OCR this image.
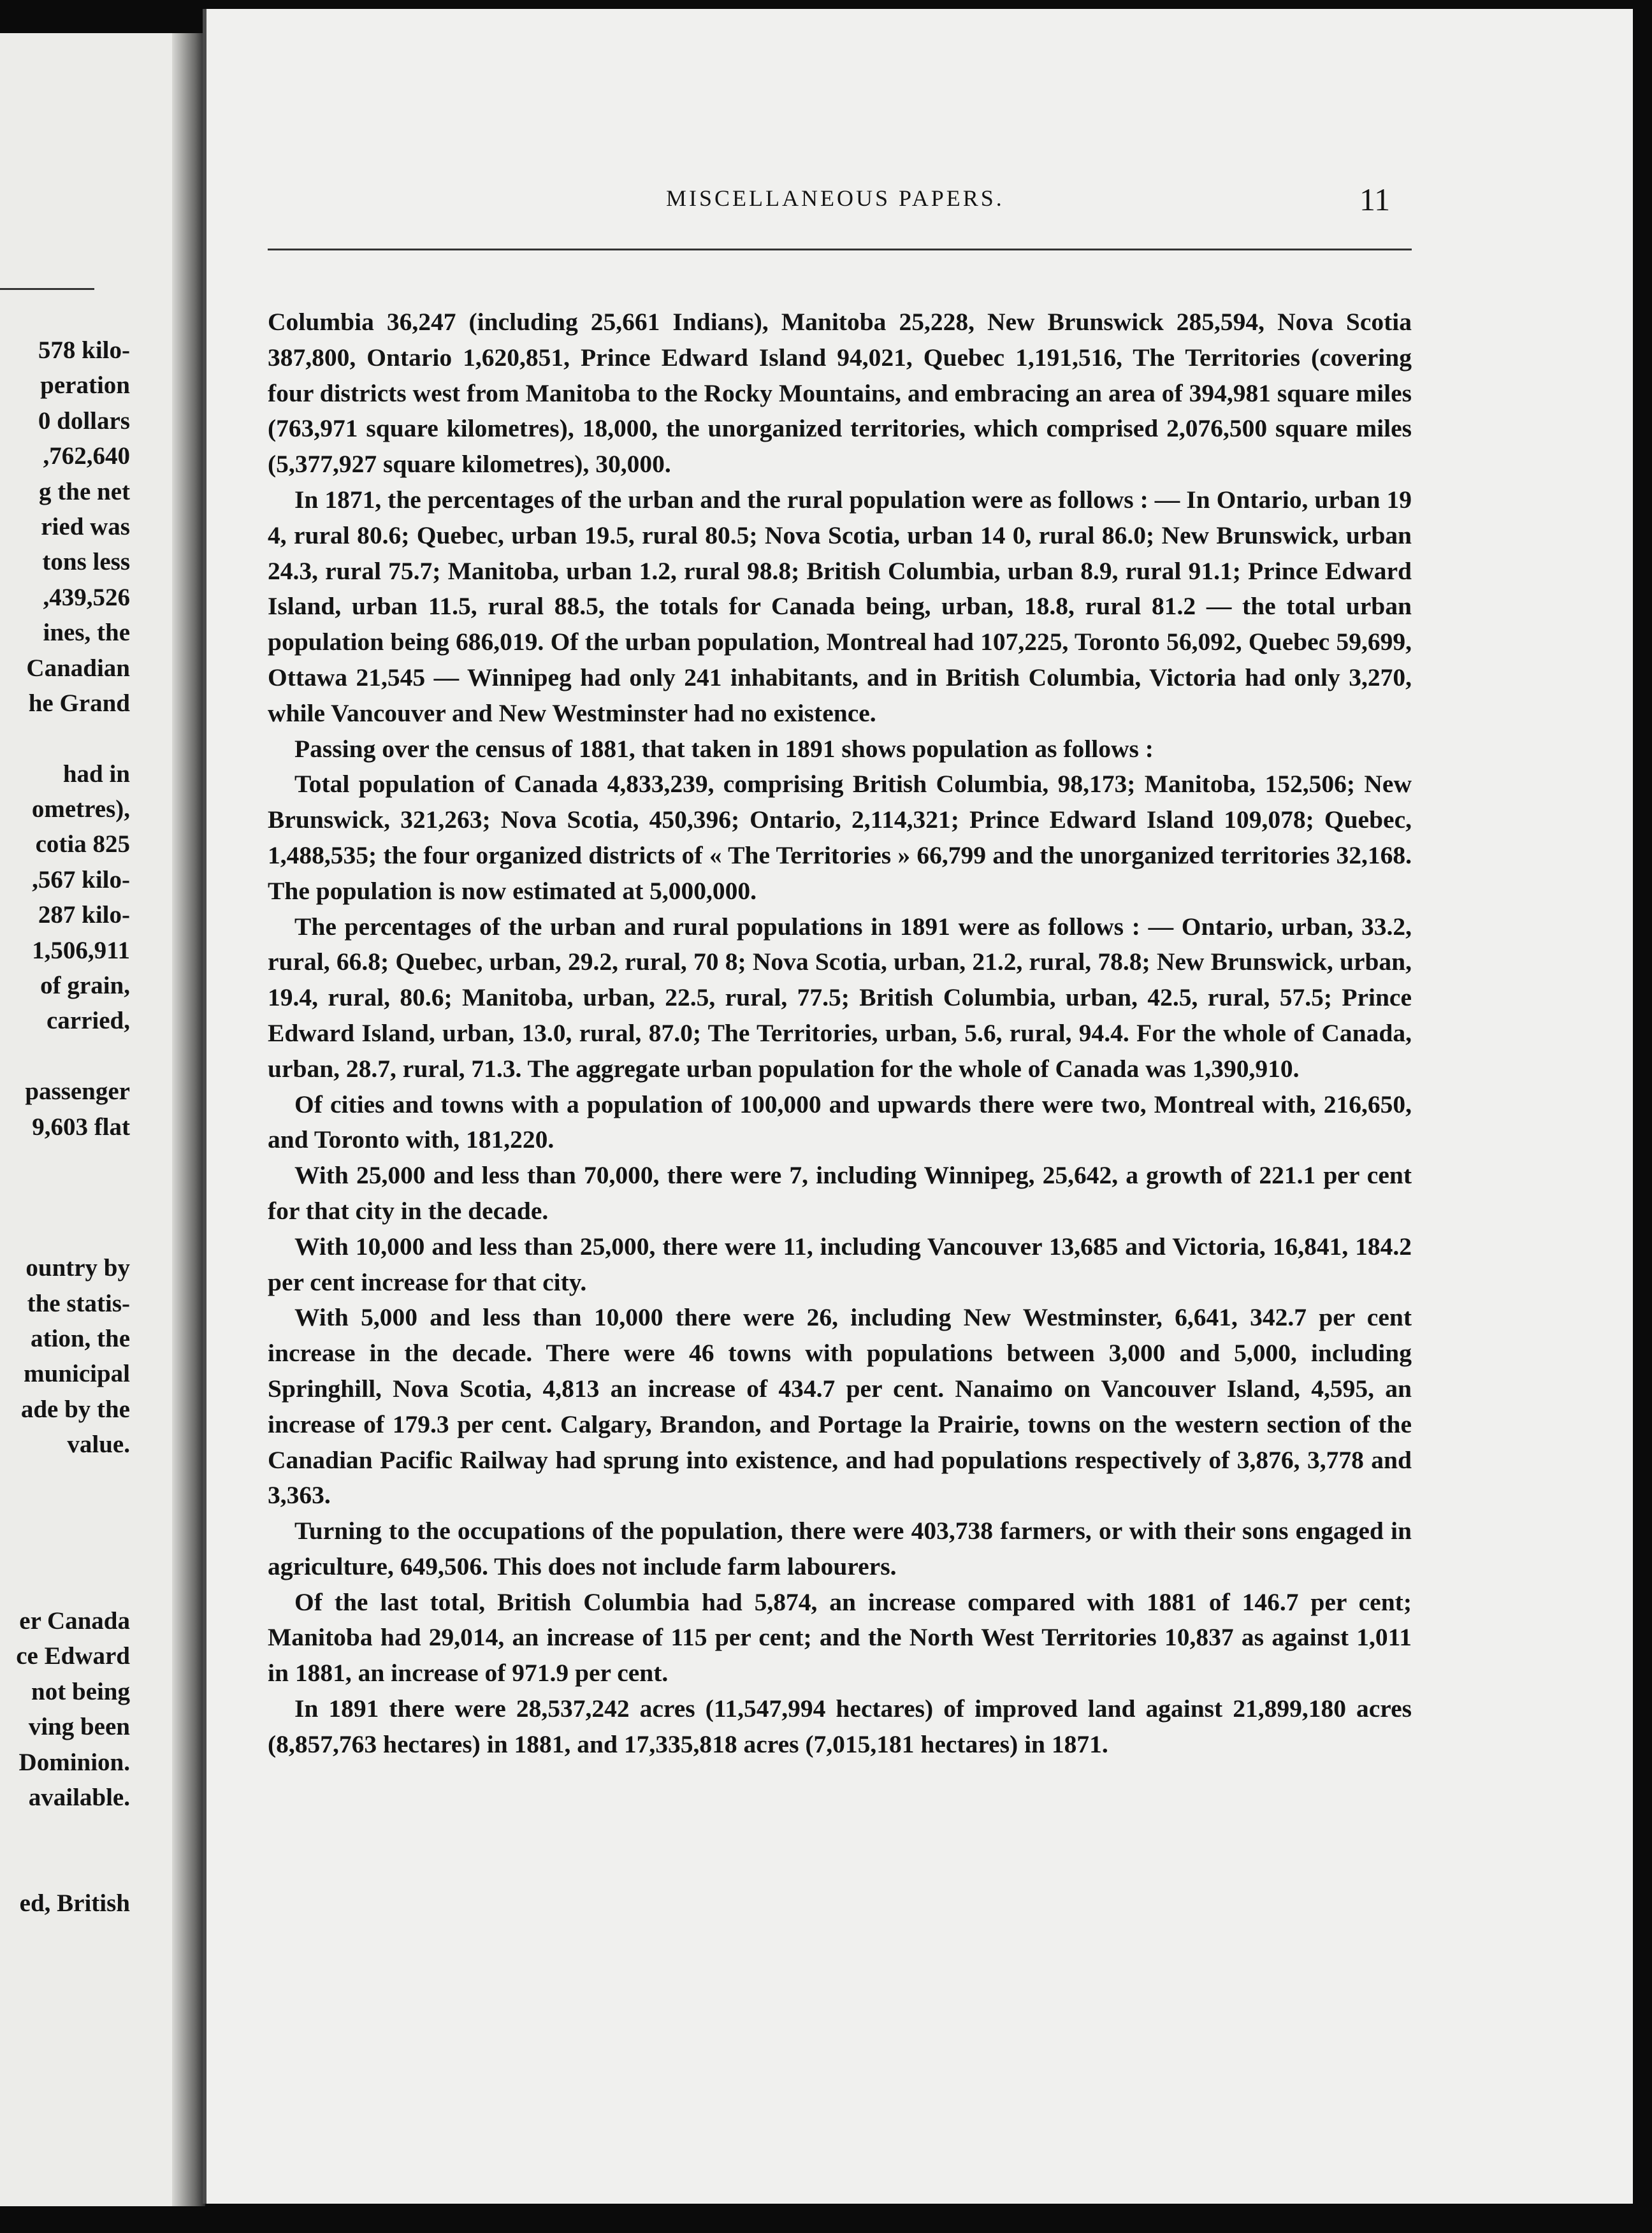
578 kilo-
peration
0 dollars
,762,640
g the net
ried was
tons less
,439,526
ines, the
Canadian
he Grand
had in
ometres),
cotia 825
,567 kilo-
287 kilo-
1,506,911
of grain,
carried,
passenger
9,603 flat
ountry by
the statis-
ation, the
municipal
ade by the
value.
er Canada
ce Edward
not being
ving been
Dominion.
available.
ed, British
MISCELLANEOUS PAPERS.	11

Columbia 36,247 (including 25,661 Indians), Manitoba 25,228, New Brunswick 285,594, Nova Scotia 387,800, Ontario 1,620,851, Prince Edward Island 94,021, Quebec 1,191,516, The Territories (covering four districts west from Manitoba to the Rocky Mountains, and embracing an area of 394,981 square miles (763,971 square kilometres), 18,000, the unorganized territories, which comprised 2,076,500 square miles (5,377,927 square kilometres), 30,000.

In 1871, the percentages of the urban and the rural population were as follows : — In Ontario, urban 19 4, rural 80.6; Quebec, urban 19.5, rural 80.5; Nova Scotia, urban 14 0, rural 86.0; New Brunswick, urban 24.3, rural 75.7; Manitoba, urban 1.2, rural 98.8; British Columbia, urban 8.9, rural 91.1; Prince Edward Island, urban 11.5, rural 88.5, the totals for Canada being, urban, 18.8, rural 81.2 — the total urban population being 686,019. Of the urban population, Montreal had 107,225, Toronto 56,092, Quebec 59,699, Ottawa 21,545 — Winnipeg had only 241 inhabitants, and in British Columbia, Victoria had only 3,270, while Vancouver and New Westminster had no existence.

Passing over the census of 1881, that taken in 1891 shows population as follows :

Total population of Canada 4,833,239, comprising British Columbia, 98,173; Manitoba, 152,506; New Brunswick, 321,263; Nova Scotia, 450,396; Ontario, 2,114,321; Prince Edward Island 109,078; Quebec, 1,488,535; the four organized districts of « The Territories » 66,799 and the unorganized territories 32,168. The population is now estimated at 5,000,000.

The percentages of the urban and rural populations in 1891 were as follows : — Ontario, urban, 33.2, rural, 66.8; Quebec, urban, 29.2, rural, 70 8; Nova Scotia, urban, 21.2, rural, 78.8; New Brunswick, urban, 19.4, rural, 80.6; Manitoba, urban, 22.5, rural, 77.5; British Columbia, urban, 42.5, rural, 57.5; Prince Edward Island, urban, 13.0, rural, 87.0; The Territories, urban, 5.6, rural, 94.4. For the whole of Canada, urban, 28.7, rural, 71.3. The aggregate urban population for the whole of Canada was 1,390,910.

Of cities and towns with a population of 100,000 and upwards there were two, Montreal with, 216,650, and Toronto with, 181,220.

With 25,000 and less than 70,000, there were 7, including Winnipeg, 25,642, a growth of 221.1 per cent for that city in the decade.

With 10,000 and less than 25,000, there were 11, including Vancouver 13,685 and Victoria, 16,841, 184.2 per cent increase for that city.

With 5,000 and less than 10,000 there were 26, including New Westminster, 6,641, 342.7 per cent increase in the decade. There were 46 towns with populations between 3,000 and 5,000, including Springhill, Nova Scotia, 4,813 an increase of 434.7 per cent. Nanaimo on Vancouver Island, 4,595, an increase of 179.3 per cent. Calgary, Brandon, and Portage la Prairie, towns on the western section of the Canadian Pacific Railway had sprung into existence, and had populations respectively of 3,876, 3,778 and 3,363.

Turning to the occupations of the population, there were 403,738 farmers, or with their sons engaged in agriculture, 649,506. This does not include farm labourers.

Of the last total, British Columbia had 5,874, an increase compared with 1881 of 146.7 per cent; Manitoba had 29,014, an increase of 115 per cent; and the North West Territories 10,837 as against 1,011 in 1881, an increase of 971.9 per cent.

In 1891 there were 28,537,242 acres (11,547,994 hectares) of improved land against 21,899,180 acres (8,857,763 hectares) in 1881, and 17,335,818 acres (7,015,181 hectares) in 1871.
